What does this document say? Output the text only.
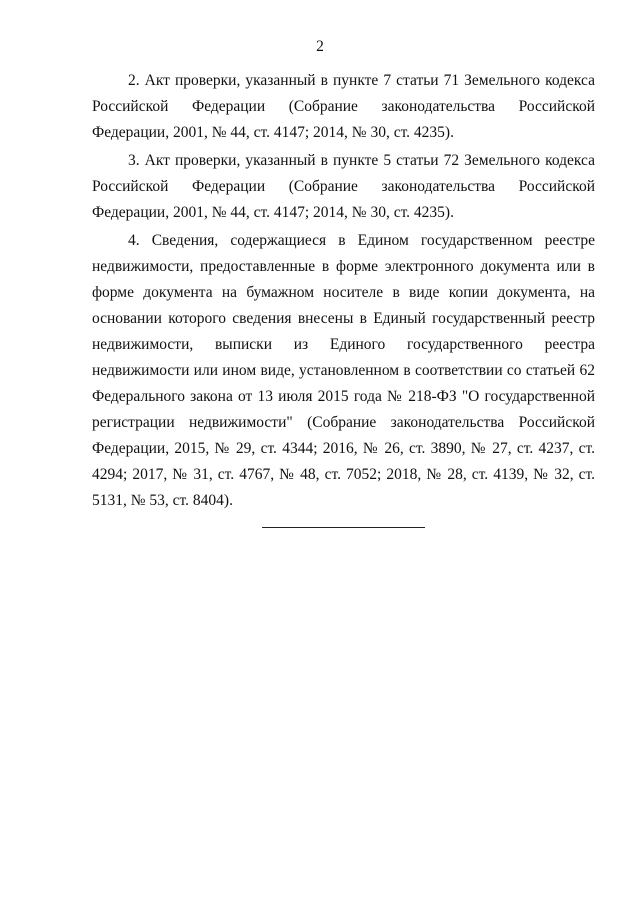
2

2. Акт проверки, указанный в пункте 7 статьи 71 Земельного кодекса Российской Федерации (Собрание законодательства Российской Федерации, 2001, № 44, ст. 4147; 2014, № 30, ст. 4235).

3. Акт проверки, указанный в пункте 5 статьи 72 Земельного кодекса Российской Федерации (Собрание законодательства Российской Федерации, 2001, № 44, ст. 4147; 2014, № 30, ст. 4235).

4. Сведения, содержащиеся в Едином государственном реестре недвижимости, предоставленные в форме электронного документа или в форме документа на бумажном носителе в виде копии документа, на основании которого сведения внесены в Единый государственный реестр недвижимости, выписки из Единого государственного реестра недвижимости или ином виде, установленном в соответствии со статьей 62 Федерального закона от 13 июля 2015 года № 218-ФЗ "О государственной регистрации недвижимости" (Собрание законодательства Российской Федерации, 2015, № 29, ст. 4344; 2016, № 26, ст. 3890, № 27, ст. 4237, ст. 4294; 2017, № 31, ст. 4767, № 48, ст. 7052; 2018, № 28, ст. 4139, № 32, ст. 5131, № 53, ст. 8404).
